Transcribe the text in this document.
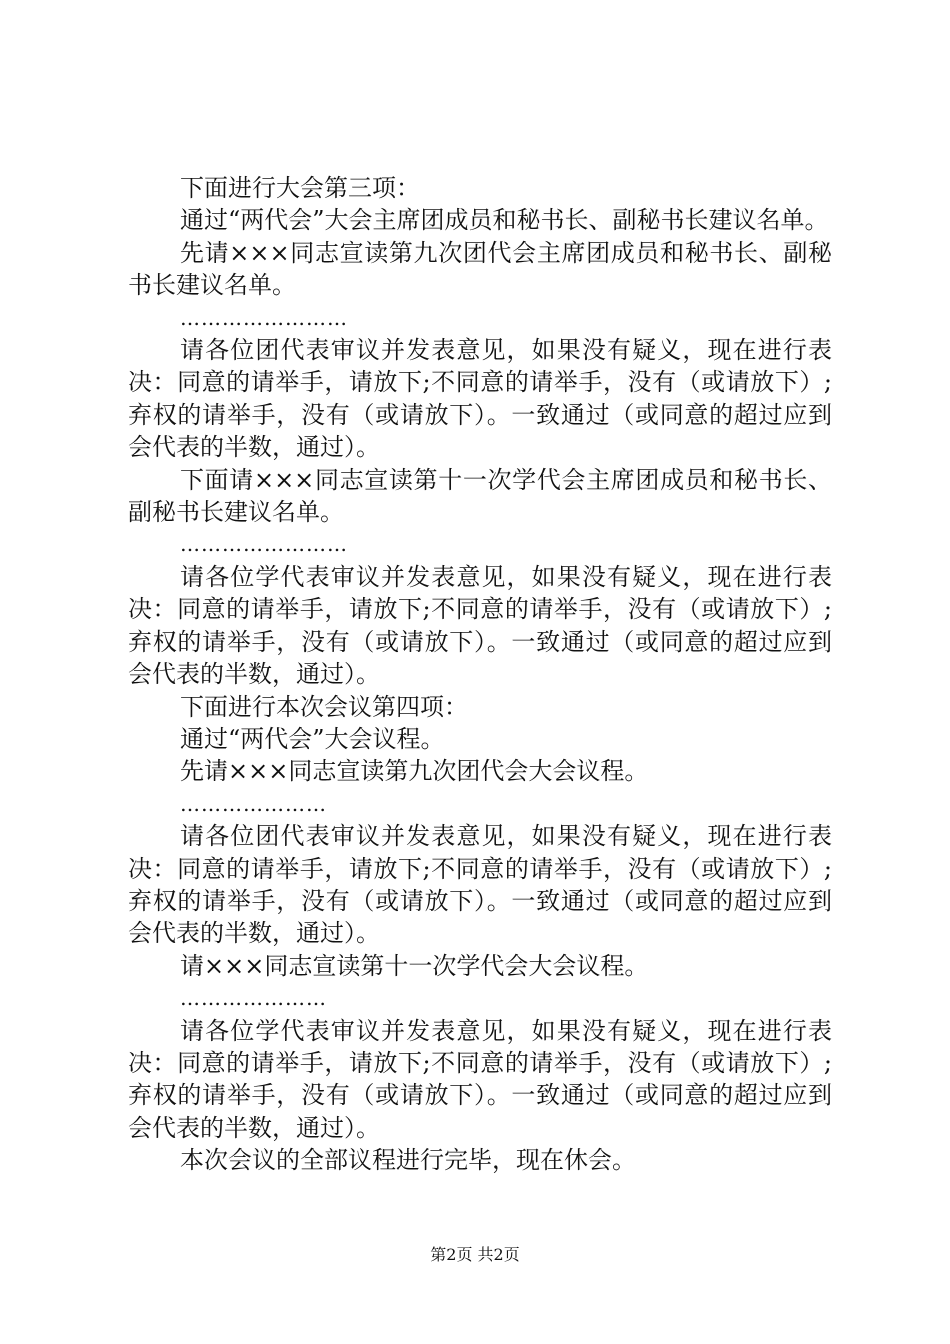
下面进行大会第三项：

通过“两代会”大会主席团成员和秘书长、副秘书长建议名单。

先请×××同志宣读第九次团代会主席团成员和秘书长、副秘书长建议名单。

……………………

请各位团代表审议并发表意见，如果没有疑义，现在进行表决：同意的请举手，请放下;不同意的请举手，没有（或请放下）;弃权的请举手，没有（或请放下）。一致通过（或同意的超过应到会代表的半数，通过）。

下面请×××同志宣读第十一次学代会主席团成员和秘书长、副秘书长建议名单。

……………………

请各位学代表审议并发表意见，如果没有疑义，现在进行表决：同意的请举手，请放下;不同意的请举手，没有（或请放下）;弃权的请举手，没有（或请放下）。一致通过（或同意的超过应到会代表的半数，通过）。

下面进行本次会议第四项：

通过“两代会”大会议程。

先请×××同志宣读第九次团代会大会议程。

…………………

请各位团代表审议并发表意见，如果没有疑义，现在进行表决：同意的请举手，请放下;不同意的请举手，没有（或请放下）;弃权的请举手，没有（或请放下）。一致通过（或同意的超过应到会代表的半数，通过）。

请×××同志宣读第十一次学代会大会议程。

…………………

请各位学代表审议并发表意见，如果没有疑义，现在进行表决：同意的请举手，请放下;不同意的请举手，没有（或请放下）;弃权的请举手，没有（或请放下）。一致通过（或同意的超过应到会代表的半数，通过）。

本次会议的全部议程进行完毕，现在休会。

第2页 共2页
